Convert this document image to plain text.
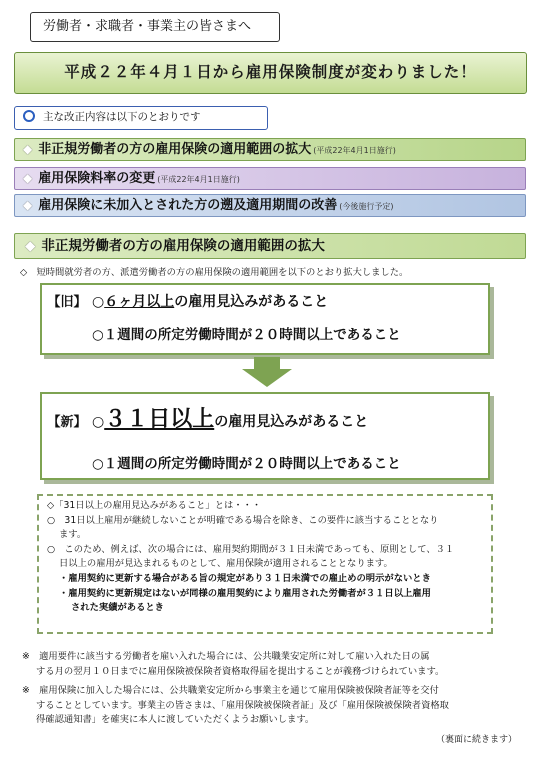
労働者・求職者・事業主の皆さまへ
平成２２年４月１日から雇用保険制度が変わりました！
主な改正内容は以下のとおりです
◆ 非正規労働者の方の雇用保険の適用範囲の拡大 (平成22年4月1日施行)
◆ 雇用保険料率の変更 (平成22年4月1日施行)
◆ 雇用保険に未加入とされた方の遡及適用期間の改善 (今後施行予定)
◆ 非正規労働者の方の雇用保険の適用範囲の拡大
◇　短時間就労者の方、派遣労働者の方の雇用保険の適用範囲を以下のとおり拡大しました。
【旧】 ○６ヶ月以上の雇用見込みがあること
○１週間の所定労働時間が２０時間以上であること
【新】 ○３１日以上の雇用見込みがあること
○１週間の所定労働時間が２０時間以上であること

◇「31日以上の雇用見込みがあること」とは・・・

○　31日以上雇用が継続しないことが明確である場合を除き、この要件に該当することとなり

ます。

○　このため、例えば、次の場合には、雇用契約期間が３１日未満であっても、原則として、３１

日以上の雇用が見込まれるものとして、雇用保険が適用されることとなります。

・雇用契約に更新する場合がある旨の規定があり３１日未満での雇止めの明示がないとき

・雇用契約に更新規定はないが同様の雇用契約により雇用された労働者が３１日以上雇用

された実績があるとき

※　適用要件に該当する労働者を雇い入れた場合には、公共職業安定所に対して雇い入れた日の属
する月の翌月１０日までに雇用保険被保険者資格取得届を提出することが義務づけられています。

※　雇用保険に加入した場合には、公共職業安定所から事業主を通じて雇用保険被保険者証等を交付
することとしています。事業主の皆さまは、「雇用保険被保険者証」及び「雇用保険被保険者資格取
得確認通知書」を確実に本人に渡していただくようお願いします。

（裏面に続きます）
